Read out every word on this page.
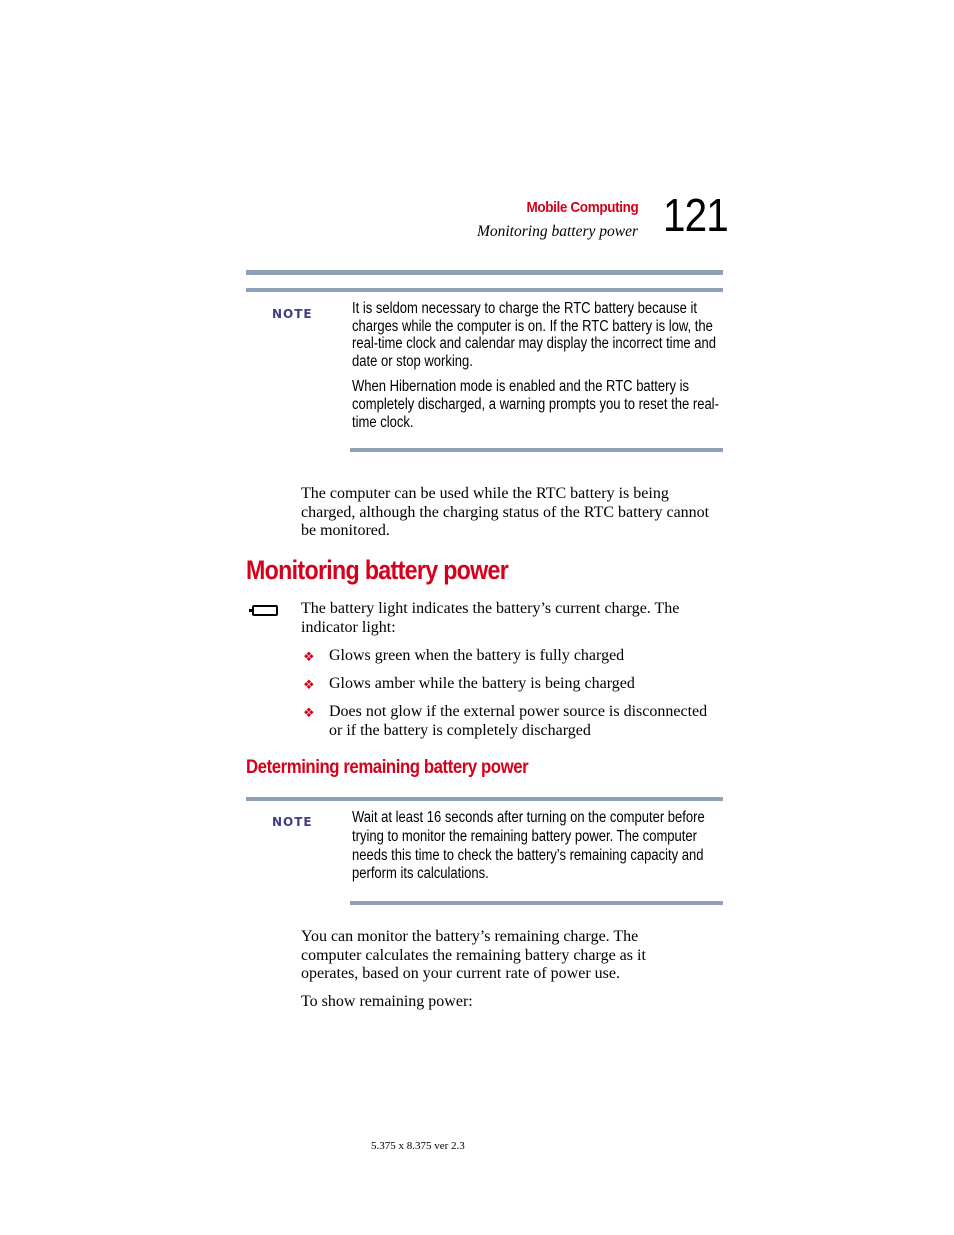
Mobile Computing
Monitoring battery power 121
NOTE	It is seldom necessary to charge the RTC battery because it charges while the computer is on. If the RTC battery is low, the real-time clock and calendar may display the incorrect time and date or stop working.

When Hibernation mode is enabled and the RTC battery is completely discharged, a warning prompts you to reset the real-time clock.

The computer can be used while the RTC battery is being charged, although the charging status of the RTC battery cannot be monitored.

Monitoring battery power

The battery light indicates the battery’s current charge. The indicator light:

❖ Glows green when the battery is fully charged

❖ Glows amber while the battery is being charged

❖ Does not glow if the external power source is disconnected or if the battery is completely discharged

Determining remaining battery power
NOTE	Wait at least 16 seconds after turning on the computer before trying to monitor the remaining battery power. The computer needs this time to check the battery’s remaining capacity and perform its calculations.

You can monitor the battery’s remaining charge. The computer calculates the remaining battery charge as it operates, based on your current rate of power use.

To show remaining power:

5.375 x 8.375 ver 2.3
